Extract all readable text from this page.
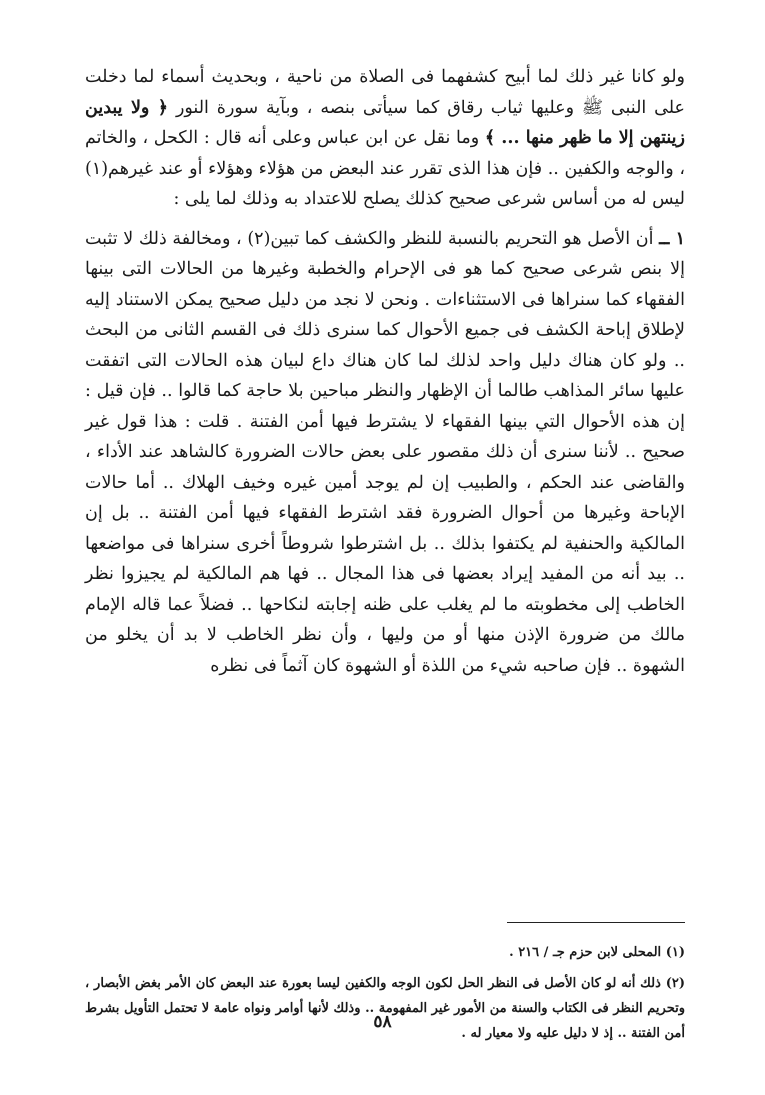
ولو كانا غير ذلك لما أبيح كشفهما فى الصلاة من ناحية ، وبحديث أسماء لما دخلت على النبى ﷺ وعليها ثياب رقاق كما سيأتى بنصه ، وبآية سورة النور ﴿ ولا يبدين زينتهن إلا ما ظهر منها ... ﴾ وما نقل عن ابن عباس وعلى أنه قال : الكحل ، والخاتم ، والوجه والكفين .. فإن هذا الذى تقرر عند البعض من هؤلاء وهؤلاء أو عند غيرهم(١) ليس له من أساس شرعى صحيح كذلك يصلح للاعتداد به وذلك لما يلى :

١ ــ أن الأصل هو التحريم بالنسبة للنظر والكشف كما تبين(٢) ، ومخالفة ذلك لا تثبت إلا بنص شرعى صحيح كما هو فى الإحرام والخطبة وغيرها من الحالات التى بينها الفقهاء كما سنراها فى الاستثناءات . ونحن لا نجد من دليل صحيح يمكن الاستناد إليه لإطلاق إباحة الكشف فى جميع الأحوال كما سنرى ذلك فى القسم الثانى من البحث .. ولو كان هناك دليل واحد لذلك لما كان هناك داع لبيان هذه الحالات التى اتفقت عليها سائر المذاهب طالما أن الإظهار والنظر مباحين بلا حاجة كما قالوا .. فإن قيل : إن هذه الأحوال التي بينها الفقهاء لا يشترط فيها أمن الفتنة . قلت : هذا قول غير صحيح .. لأننا سنرى أن ذلك مقصور على بعض حالات الضرورة كالشاهد عند الأداء ، والقاضى عند الحكم ، والطبيب إن لم يوجد أمين غيره وخيف الهلاك .. أما حالات الإباحة وغيرها من أحوال الضرورة فقد اشترط الفقهاء فيها أمن الفتنة .. بل إن المالكية والحنفية لم يكتفوا بذلك .. بل اشترطوا شروطاً أخرى سنراها فى مواضعها .. بيد أنه من المفيد إيراد بعضها فى هذا المجال .. فها هم المالكية لم يجيزوا نظر الخاطب إلى مخطوبته ما لم يغلب على ظنه إجابته لنكاحها .. فضلاً عما قاله الإمام مالك من ضرورة الإذن منها أو من وليها ، وأن نظر الخاطب لا بد أن يخلو من الشهوة .. فإن صاحبه شيء من اللذة أو الشهوة كان آثماً فى نظره

(١) المحلى لابن حزم جـ / ٢١٦ .

(٢) ذلك أنه لو كان الأصل فى النظر الحل لكون الوجه والكفين ليسا بعورة عند البعض كان الأمر بغض الأبصار ، وتحريم النظر فى الكتاب والسنة من الأمور غير المفهومة .. وذلك لأنها أوامر ونواه عامة لا تحتمل التأويل بشرط أمن الفتنة .. إذ لا دليل عليه ولا معيار له .

٥٨
